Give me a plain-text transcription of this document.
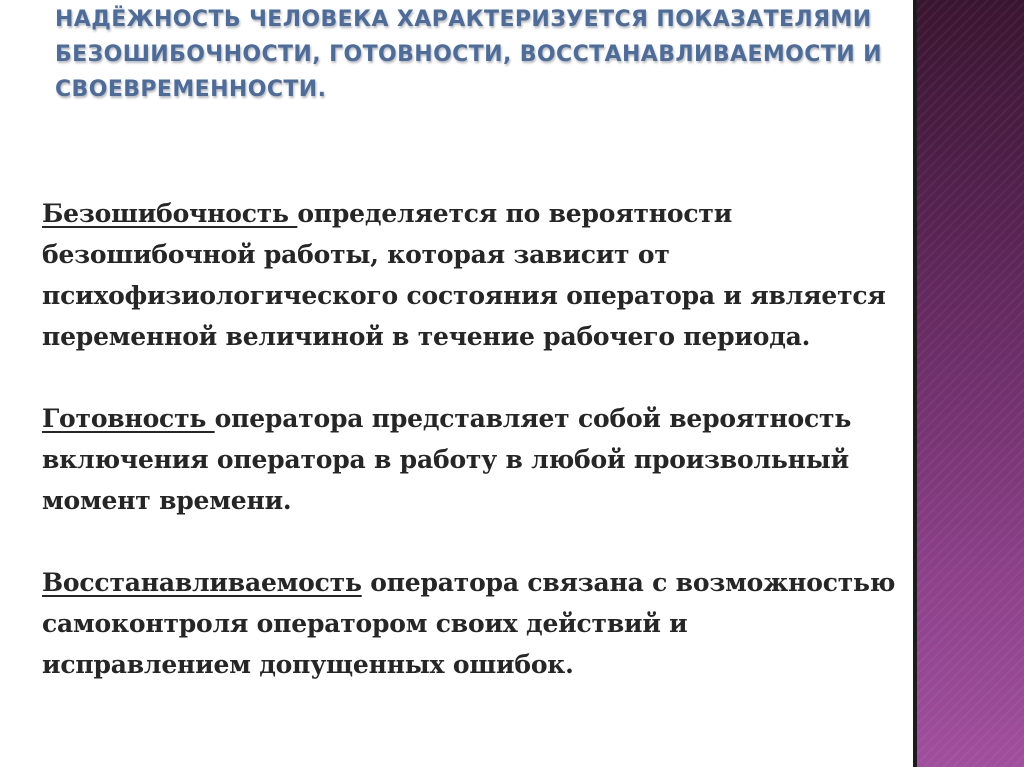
НАДЁЖНОСТЬ ЧЕЛОВЕКА ХАРАКТЕРИЗУЕТСЯ ПОКАЗАТЕЛЯМИ БЕЗОШИБОЧНОСТИ, ГОТОВНОСТИ, ВОССТАНАВЛИВАЕМОСТИ И СВОЕВРЕМЕННОСТИ.

Безошибочность определяется по вероятности безошибочной работы, которая зависит от психофизиологического состояния оператора и является переменной величиной в течение рабочего периода.

Готовность оператора представляет собой вероятность включения оператора в работу в любой произвольный момент времени.

Восстанавливаемость оператора связана с возможностью самоконтроля оператором своих действий и исправлением допущенных ошибок.
